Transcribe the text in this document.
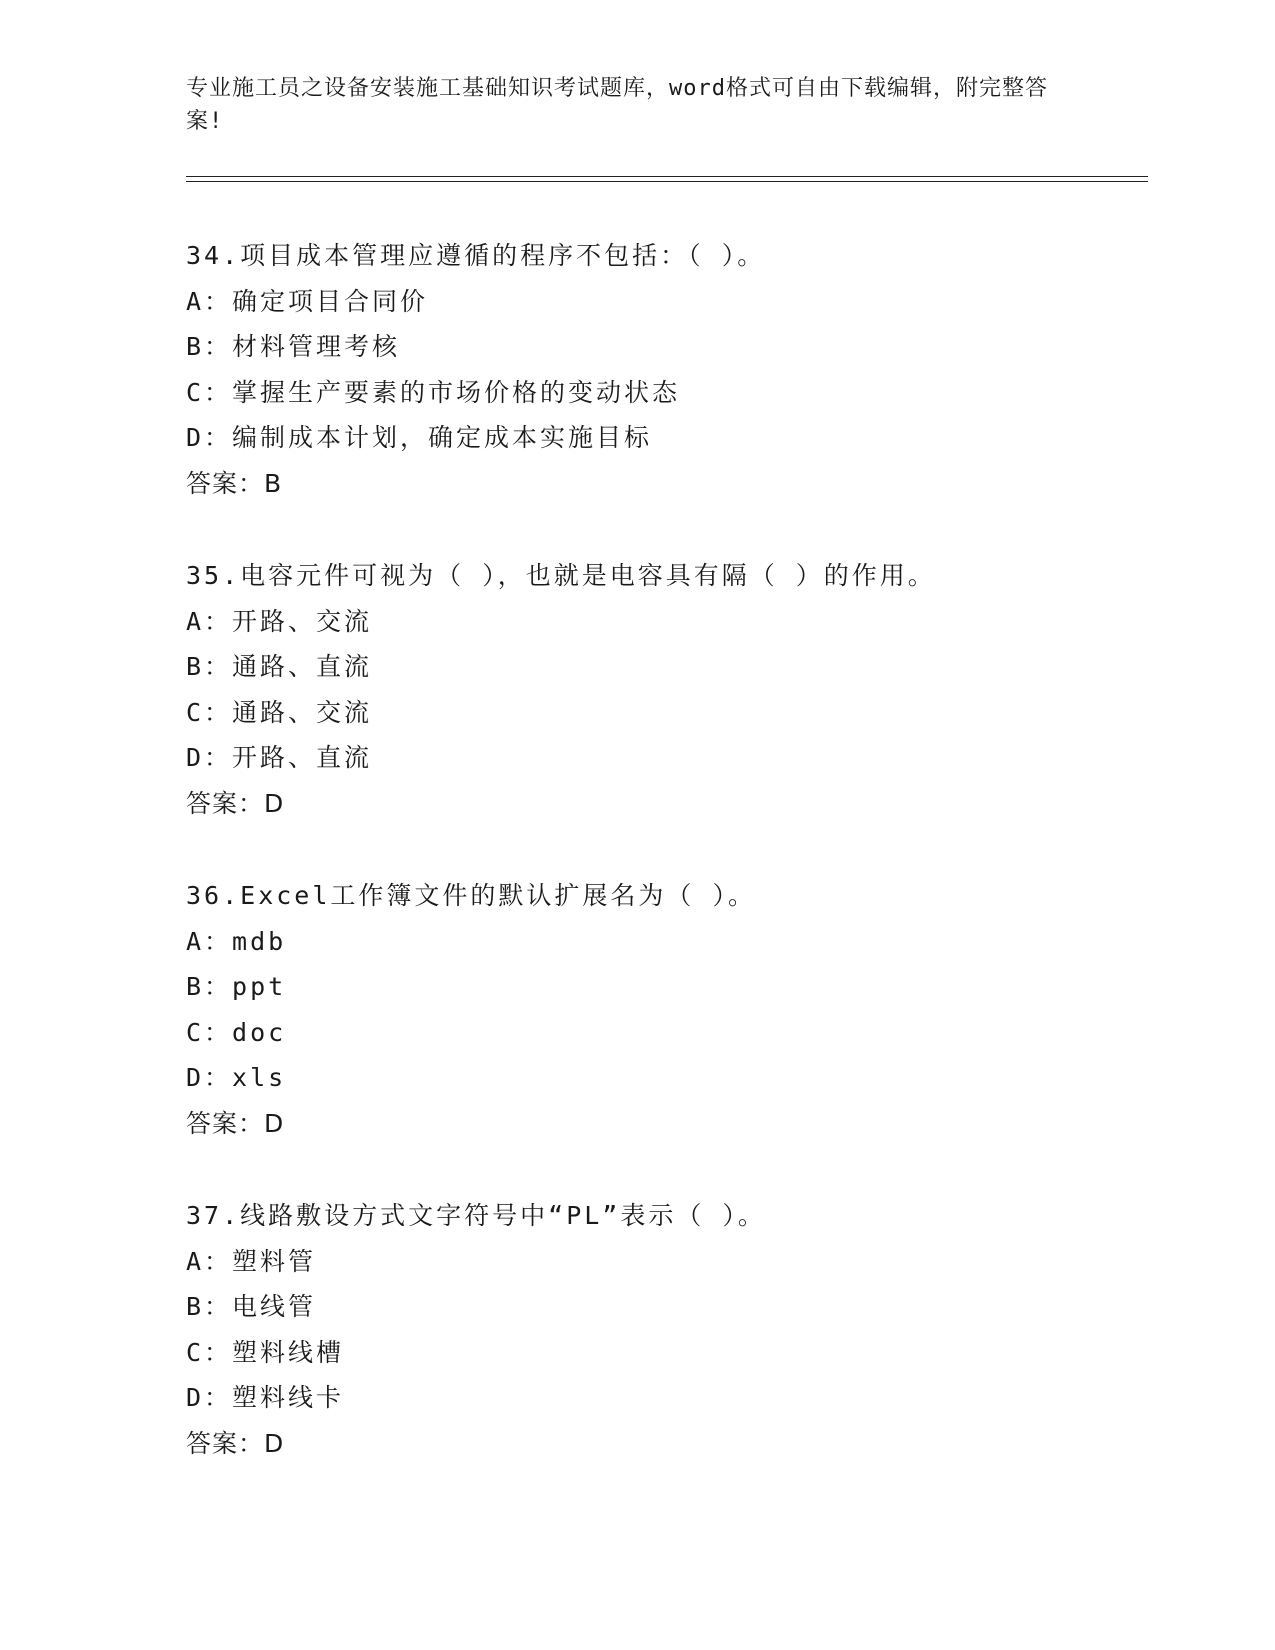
专业施工员之设备安装施工基础知识考试题库，word格式可自由下载编辑，附完整答案!
34.项目成本管理应遵循的程序不包括：（ ）。
A：确定项目合同价
B：材料管理考核
C：掌握生产要素的市场价格的变动状态
D：编制成本计划，确定成本实施目标
答案：B
35.电容元件可视为（ ），也就是电容具有隔（ ）的作用。
A：开路、交流
B：通路、直流
C：通路、交流
D：开路、直流
答案：D
36.Excel工作簿文件的默认扩展名为（ ）。
A：mdb
B：ppt
C：doc
D：xls
答案：D
37.线路敷设方式文字符号中“PL”表示（ ）。
A：塑料管
B：电线管
C：塑料线槽
D：塑料线卡
答案：D
